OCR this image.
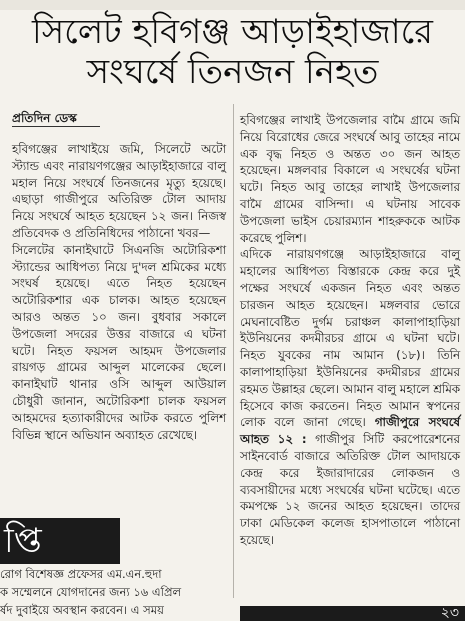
সিলেট হবিগঞ্জ আড়াইহাজারে
সংঘর্ষে তিনজন নিহত
প্রতিদিন ডেস্ক

হবিগঞ্জের লাখাইয়ে জমি, সিলেটে অটো স্ট্যান্ড এবং নারায়ণগঞ্জের আড়াইহাজারে বালু মহাল নিয়ে সংঘর্ষে তিনজনের মৃত্যু হয়েছে। এছাড়া গাজীপুরে অতিরিক্ত টোল আদায় নিয়ে সংঘর্ষে আহত হয়েছেন ১২ জন। নিজস্ব প্রতিবেদক ও প্রতিনিধিদের পাঠানো খবর—

সিলেটের কানাইঘাটে সিএনজি অটোরিকশা স্ট্যান্ডের আধিপত্য নিয়ে দু'দল শ্রমিকের মধ্যে সংঘর্ষ হয়েছে। এতে নিহত হয়েছেন অটোরিকশার এক চালক। আহত হয়েছেন আরও অন্তত ১০ জন। বুধবার সকালে উপজেলা সদরের উত্তর বাজারে এ ঘটনা ঘটে। নিহত ফয়সল আহমদ উপজেলার রায়গড় গ্রামের আব্দুল মালেকের ছেলে। কানাইঘাট থানার ওসি আব্দুল আউয়াল চৌধুরী জানান, অটোরিকশা চালক ফয়সল আহমদের হত্যাকারীদের আটক করতে পুলিশ বিভিন্ন স্থানে অভিযান অব্যাহত রেখেছে।

হবিগঞ্জের লাখাই উপজেলার বামৈ গ্রামে জমি নিয়ে বিরোধের জেরে সংঘর্ষে আবু তাহের নামে এক বৃদ্ধ নিহত ও অন্তত ৩০ জন আহত হয়েছেন। মঙ্গলবার বিকালে এ সংঘর্ষের ঘটনা ঘটে। নিহত আবু তাহের লাখাই উপজেলার বামৈ গ্রামের বাসিন্দা। এ ঘটনায় সাবেক উপজেলা ভাইস চেয়ারম্যান শাহরুককে আটক করেছে পুলিশ।

এদিকে নারায়ণগঞ্জে আড়াইহাজারে বালু মহালের আধিপত্য বিস্তারকে কেন্দ্র করে দুই পক্ষের সংঘর্ষে একজন নিহত এবং অন্তত চারজন আহত হয়েছেন। মঙ্গলবার ভোরে মেঘনাবেষ্টিত দুর্গম চরাঞ্চল কালাপাহাড়িয়া ইউনিয়নের কদমীরচর গ্রামে এ ঘটনা ঘটে। নিহত যুবকের নাম আমান (১৮)। তিনি কালাপাহাড়িয়া ইউনিয়নের কদমীরচর গ্রামের রহমত উল্লাহর ছেলে। আমান বালু মহালে শ্রমিক হিসেবে কাজ করতেন। নিহত আমান স্বপনের লোক বলে জানা গেছে। গাজীপুরে সংঘর্ষে আহত ১২ : গাজীপুর সিটি করপোরেশনের সাইনবোর্ড বাজারে অতিরিক্ত টোল আদায়কে কেন্দ্র করে ইজারাদারের লোকজন ও ব্যবসায়ীদের মধ্যে সংঘর্ষের ঘটনা ঘটেছে। এতে কমপক্ষে ১২ জনের আহত হয়েছেন। তাদের ঢাকা মেডিকেল কলেজ হাসপাতালে পাঠানো হয়েছে।

প্তি
রোগ বিশেষজ্ঞ প্রফেসর এম.এন.হুদা
ক সম্মেলনে যোগদানের জন্য ১৬ এপ্রিল
র্ষদ দুবাইয়ে অবস্থান করবেন। এ সময়	২৩
